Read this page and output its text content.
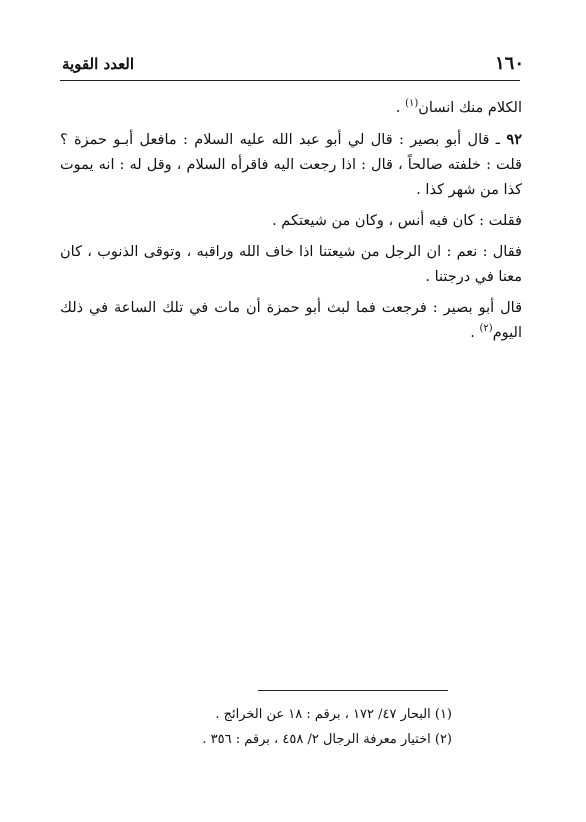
١٦٠
العدد القوية

الكلام منك انسان$^{(١)}$ .

٩٢ ـ قال أبو بصير : قال لي أبو عبد الله عليه السلام : مافعل أبـو حمزة ؟ قلت : خلفته صالحاً ، قال : اذا رجعت اليه فاقرأه السلام ، وقل له : انه يموت كذا من شهر كذا .

فقلت : كان فيه أنس ، وكان من شيعتكم .

فقال : نعم : ان الرجل من شيعتنا اذا خاف الله وراقبه ، وتوقى الذنوب ، كان معنا في درجتنا .

قال أبو بصير : فرجعت فما لبث أبو حمزة أن مات في تلك الساعة في ذلك اليوم$^{(٢)}$ .

(١) البحار ٤٧/ ١٧٢ ، برقم : ١٨ عن الخرائج .
(٢) اختيار معرفة الرجال ٢/ ٤٥٨ ، برقم : ٣٥٦ .
